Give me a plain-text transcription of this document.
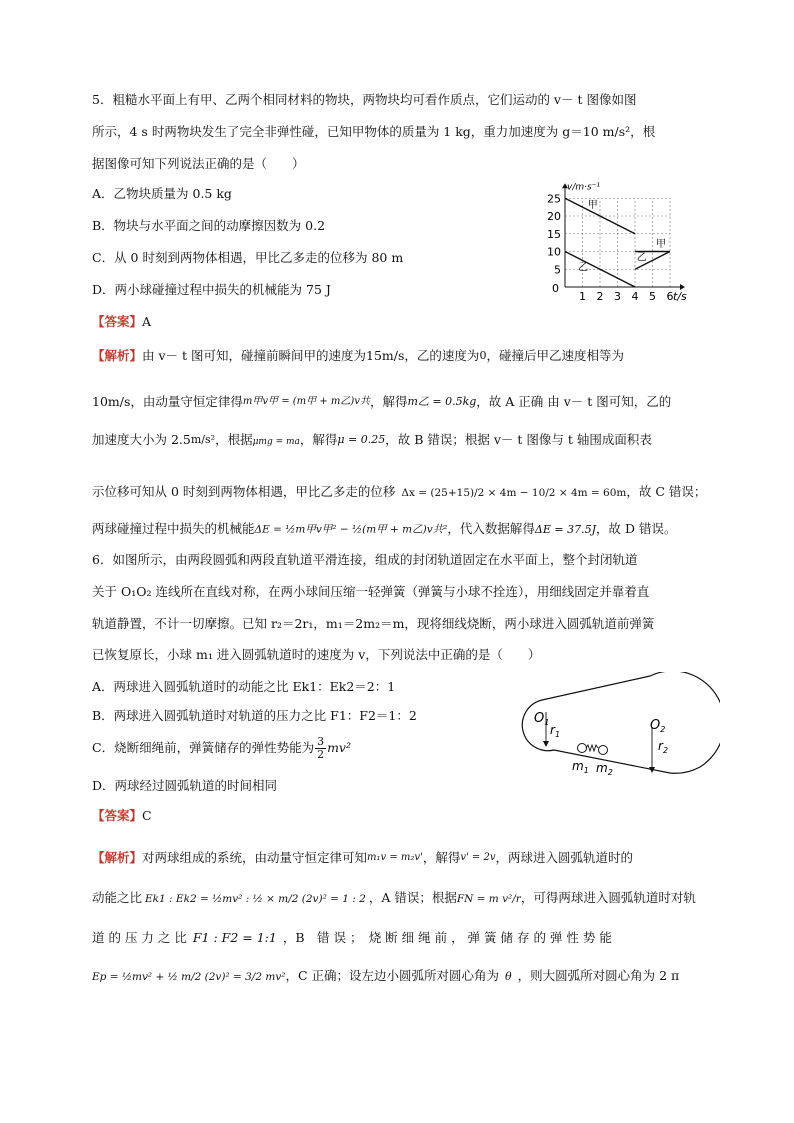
5．粗糙水平面上有甲、乙两个相同材料的物块，两物块均可看作质点，它们运动的 v－ t 图像如图
所示，4 s 时两物块发生了完全非弹性碰，已知甲物体的质量为 1 kg，重力加速度为 g＝10 m/s²，根
据图像可知下列说法正确的是（　　）
A．乙物块质量为 0.5 kg
B．物块与水平面之间的动摩擦因数为 0.2
C．从 0 时刻到两物体相遇，甲比乙多走的位移为 80 m
D．两小球碰撞过程中损失的机械能为 75 J
【答案】A
1 2 3 4 5 6
5
10
15
20
25
0
v/m·s⁻¹
t/s
甲
乙
甲
乙
【解析】由 v－ t 图可知，碰撞前瞬间甲的速度为15m/s，乙的速度为0，碰撞后甲乙速度相等为
10m/s，由动量守恒定律得$^{m甲v甲 = (m甲 + m乙)v共}$，解得m乙 = 0.5kg，故 A 正确 由 v－ t 图可知，乙的
加速度大小为 2.5m/s²，根据μmg = ma，解得μ = 0.25，故 B 错误；根据 v－ t 图像与 t 轴围成面积表
示位移可知从 0 时刻到两物体相遇，甲比乙多走的位移 Δx = (25+15)/2 × 4m − 10/2 × 4m = 60m，故 C 错误；
两球碰撞过程中损失的机械能ΔE = ½m甲v甲² − ½(m甲 + m乙)v共²，代入数据解得ΔE = 37.5J，故 D 错误。
6．如图所示，由两段圆弧和两段直轨道平滑连接，组成的封闭轨道固定在水平面上，整个封闭轨道
关于 O₁O₂ 连线所在直线对称，在两小球间压缩一轻弹簧（弹簧与小球不拴连），用细线固定并靠着直
轨道静置，不计一切摩擦。已知 r₂＝2r₁，m₁＝2m₂＝m，现将细线烧断，两小球进入圆弧轨道前弹簧
已恢复原长，小球 m₁ 进入圆弧轨道时的速度为 v，下列说法中正确的是（　　）
A．两球进入圆弧轨道时的动能之比 Ek1：Ek2＝2：1
B．两球进入圆弧轨道时对轨道的压力之比 F1：F2＝1：2
C．烧断细绳前，弹簧储存的弹性势能为 $\frac{3}{2} mv^2$
D．两球经过圆弧轨道的时间相同
【答案】C
$O_1$
$r_1$
$O_2$
$r_2$
$m_1$ $m_2$
【解析】对两球组成的系统，由动量守恒定律可知$^{m_1v = m_2v'}$，解得$^{v' = 2v}$，两球进入圆弧轨道时的
动能之比 Ek1 : Ek2 = ½mv² : ½ × m/2 (2v)² = 1 : 2 ，A 错误；根据FN = m v²/r，可得两球进入圆弧轨道时对轨
道 的 压 力 之 比 F1 : F2 = 1:1 ，B　错 误 ；　烧 断 细 绳 前 ， 弹 簧 储 存 的 弹 性 势 能
Ep = ½mv² + ½ m/2 (2v)² = 3/2 mv²，C 正确；设左边小圆弧所对圆心角为 θ ，则大圆弧所对圆心角为 2 π
